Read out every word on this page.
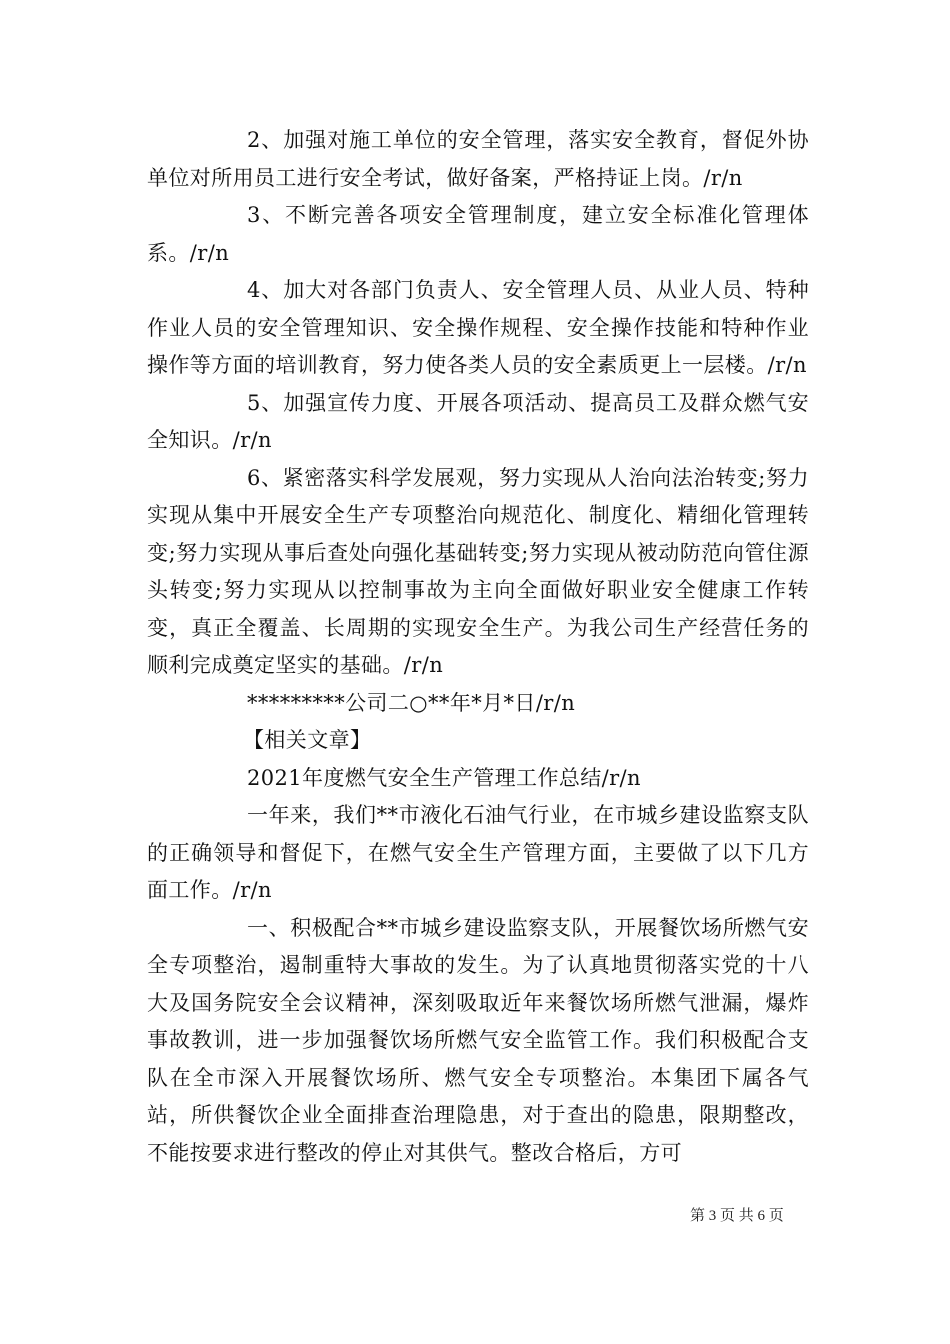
2、加强对施工单位的安全管理，落实安全教育，督促外协单位对所用员工进行安全考试，做好备案，严格持证上岗。/r/n

3、不断完善各项安全管理制度，建立安全标准化管理体系。/r/n

4、加大对各部门负责人、安全管理人员、从业人员、特种作业人员的安全管理知识、安全操作规程、安全操作技能和特种作业操作等方面的培训教育，努力使各类人员的安全素质更上一层楼。/r/n

5、加强宣传力度、开展各项活动、提高员工及群众燃气安全知识。/r/n

6、紧密落实科学发展观，努力实现从人治向法治转变;努力实现从集中开展安全生产专项整治向规范化、制度化、精细化管理转变;努力实现从事后查处向强化基础转变;努力实现从被动防范向管住源头转变;努力实现从以控制事故为主向全面做好职业安全健康工作转变，真正全覆盖、长周期的实现安全生产。为我公司生产经营任务的顺利完成奠定坚实的基础。/r/n

*********公司二○**年*月*日/r/n

【相关文章】

2021年度燃气安全生产管理工作总结/r/n

一年来，我们**市液化石油气行业，在市城乡建设监察支队的正确领导和督促下，在燃气安全生产管理方面，主要做了以下几方面工作。/r/n

一、积极配合**市城乡建设监察支队，开展餐饮场所燃气安全专项整治，遏制重特大事故的发生。为了认真地贯彻落实党的十八大及国务院安全会议精神，深刻吸取近年来餐饮场所燃气泄漏，爆炸事故教训，进一步加强餐饮场所燃气安全监管工作。我们积极配合支队在全市深入开展餐饮场所、燃气安全专项整治。本集团下属各气站，所供餐饮企业全面排查治理隐患，对于查出的隐患，限期整改，不能按要求进行整改的停止对其供气。整改合格后，方可

第 3 页 共 6 页
